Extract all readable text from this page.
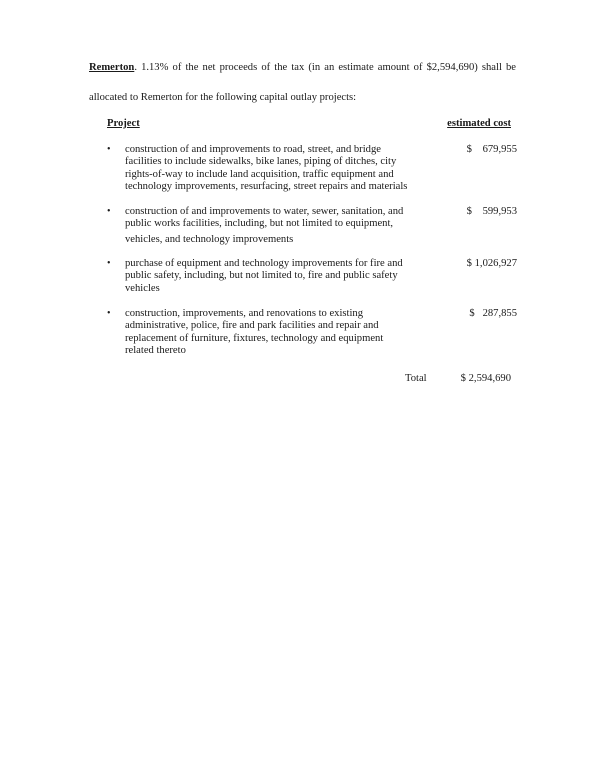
Remerton. 1.13% of the net proceeds of the tax (in an estimate amount of $2,594,690) shall be
allocated to Remerton for the following capital outlay projects:
Project	estimated cost
• construction of and improvements to road, street, and bridge
facilities to include sidewalks, bike lanes, piping of ditches, city
rights-of-way to include land acquisition, traffic equipment and
technology improvements, resurfacing, street repairs and materials
$    679,955
• construction of and improvements to water, sewer, sanitation, and
public works facilities, including, but not limited to equipment,
vehicles, and technology improvements
$    599,953
• purchase of equipment and technology improvements for fire and
public safety, including, but not limited to, fire and public safety
vehicles
$ 1,026,927
• construction, improvements, and renovations to existing
administrative, police, fire and park facilities and repair and
replacement of furniture, fixtures, technology and equipment
related thereto
$   287,855
Total	$ 2,594,690
